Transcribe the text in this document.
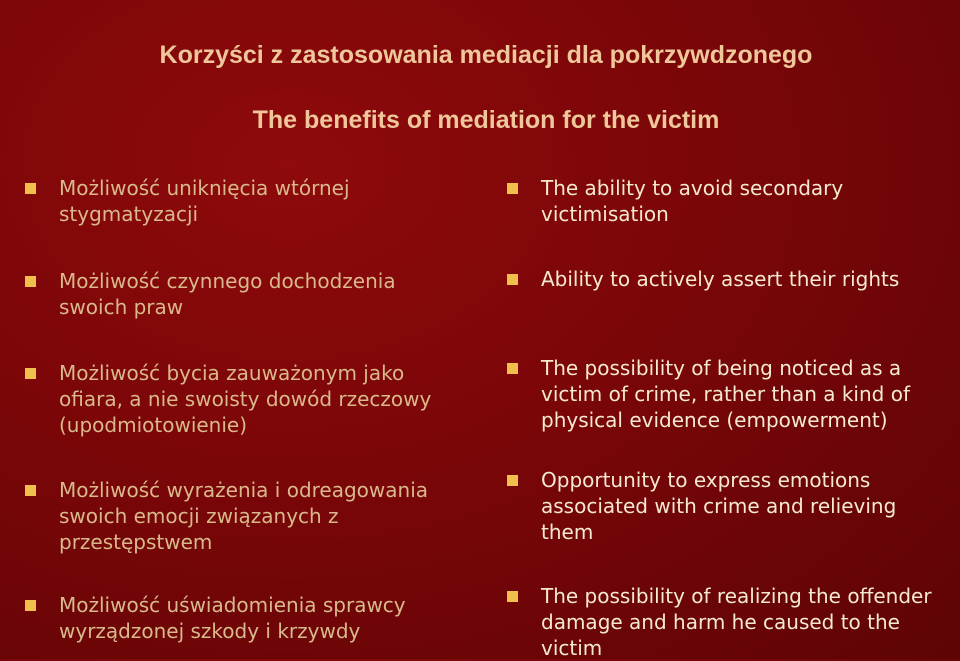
Korzyści z zastosowania mediacji dla pokrzywdzonego
The benefits of mediation for the victim
Możliwość uniknięcia wtórnej stygmatyzacji
Możliwość czynnego dochodzenia swoich praw
Możliwość bycia zauważonym jako ofiara, a nie swoisty dowód rzeczowy (upodmiotowienie)
Możliwość wyrażenia i odreagowania swoich emocji związanych z przestępstwem
Możliwość uświadomienia sprawcy wyrządzonej szkody i krzywdy
The ability to avoid secondary victimisation
Ability to actively assert their rights
The possibility of being noticed as a victim of crime, rather than a kind of physical evidence (empowerment)
Opportunity to express emotions associated with crime and relieving them
The possibility of realizing the offender damage and harm he caused to the victim
